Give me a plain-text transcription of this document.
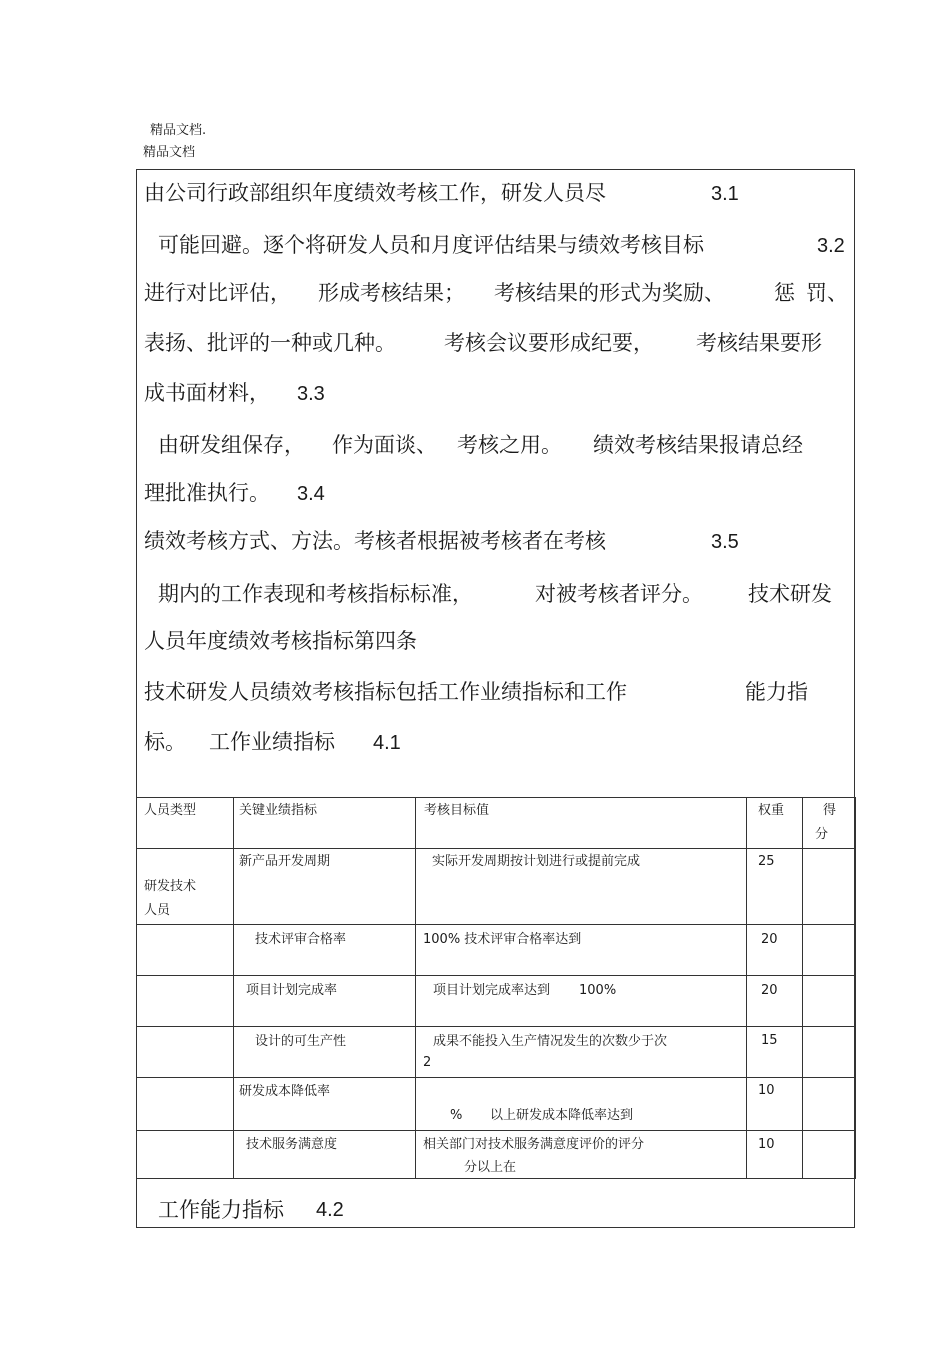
精品文档.
精品文档
由公司行政部组织年度绩效考核工作，研发人员尽	3.1
可能回避。逐个将研发人员和月度评估结果与绩效考核目标	3.2
进行对比评估， 形成考核结果； 考核结果的形式为奖励、 惩 罚、
表扬、批评的一种或几种。 考核会议要形成纪要， 考核结果要形
成书面材料， 3.3
由研发组保存， 作为面谈、 考核之用。 绩效考核结果报请总经
理批准执行。 3.4
绩效考核方式、方法。考核者根据被考核者在考核	3.5
期内的工作表现和考核指标标准，	对被考核者评分。 技术研发
人员年度绩效考核指标第四条
技术研发人员绩效考核指标包括工作业绩指标和工作	能力指
标。 工作业绩指标 4.1
人员类型	关键业绩指标	考核目标值	权重	得
分

研发技术
人员	新产品开发周期	实际开发周期按计划进行或提前完成	25	

	技术评审合格率	100% 技术评审合格率达到	20	

	项目计划完成率	项目计划完成率达到 100%	20	

	设计的可生产性	成果不能投入生产情况发生的次数少于次
2	15	

	研发成本降低率	% 以上研发成本降低率达到	10	

	技术服务满意度	相关部门对技术服务满意度评价的评分
分以上在	10	

工作能力指标 4.2
